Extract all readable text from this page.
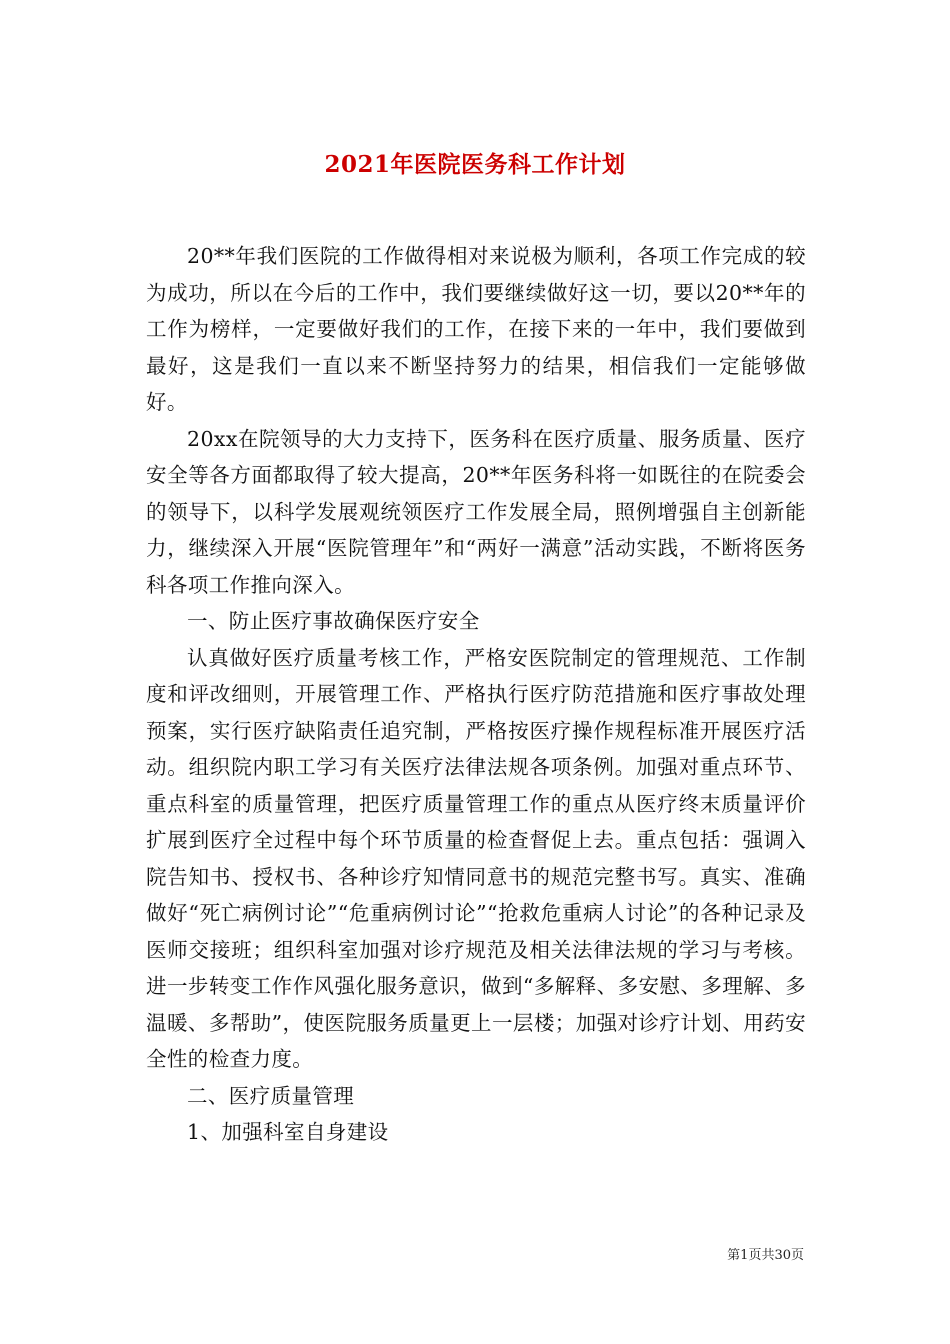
2021年医院医务科工作计划

20**年我们医院的工作做得相对来说极为顺利，各项工作完成的较为成功，所以在今后的工作中，我们要继续做好这一切，要以20**年的工作为榜样，一定要做好我们的工作，在接下来的一年中，我们要做到最好，这是我们一直以来不断坚持努力的结果，相信我们一定能够做好。

20xx在院领导的大力支持下，医务科在医疗质量、服务质量、医疗安全等各方面都取得了较大提高，20**年医务科将一如既往的在院委会的领导下，以科学发展观统领医疗工作发展全局，照例增强自主创新能力，继续深入开展“医院管理年”和“两好一满意”活动实践，不断将医务科各项工作推向深入。

一、防止医疗事故确保医疗安全

认真做好医疗质量考核工作，严格安医院制定的管理规范、工作制度和评改细则，开展管理工作、严格执行医疗防范措施和医疗事故处理预案，实行医疗缺陷责任追究制，严格按医疗操作规程标准开展医疗活动。组织院内职工学习有关医疗法律法规各项条例。加强对重点环节、重点科室的质量管理，把医疗质量管理工作的重点从医疗终末质量评价扩展到医疗全过程中每个环节质量的检查督促上去。重点包括：强调入院告知书、授权书、各种诊疗知情同意书的规范完整书写。真实、准确做好“死亡病例讨论”“危重病例讨论”“抢救危重病人讨论”的各种记录及医师交接班；组织科室加强对诊疗规范及相关法律法规的学习与考核。进一步转变工作作风强化服务意识，做到“多解释、多安慰、多理解、多温暖、多帮助”，使医院服务质量更上一层楼；加强对诊疗计划、用药安全性的检查力度。

二、医疗质量管理

1、加强科室自身建设

第1页共30页
